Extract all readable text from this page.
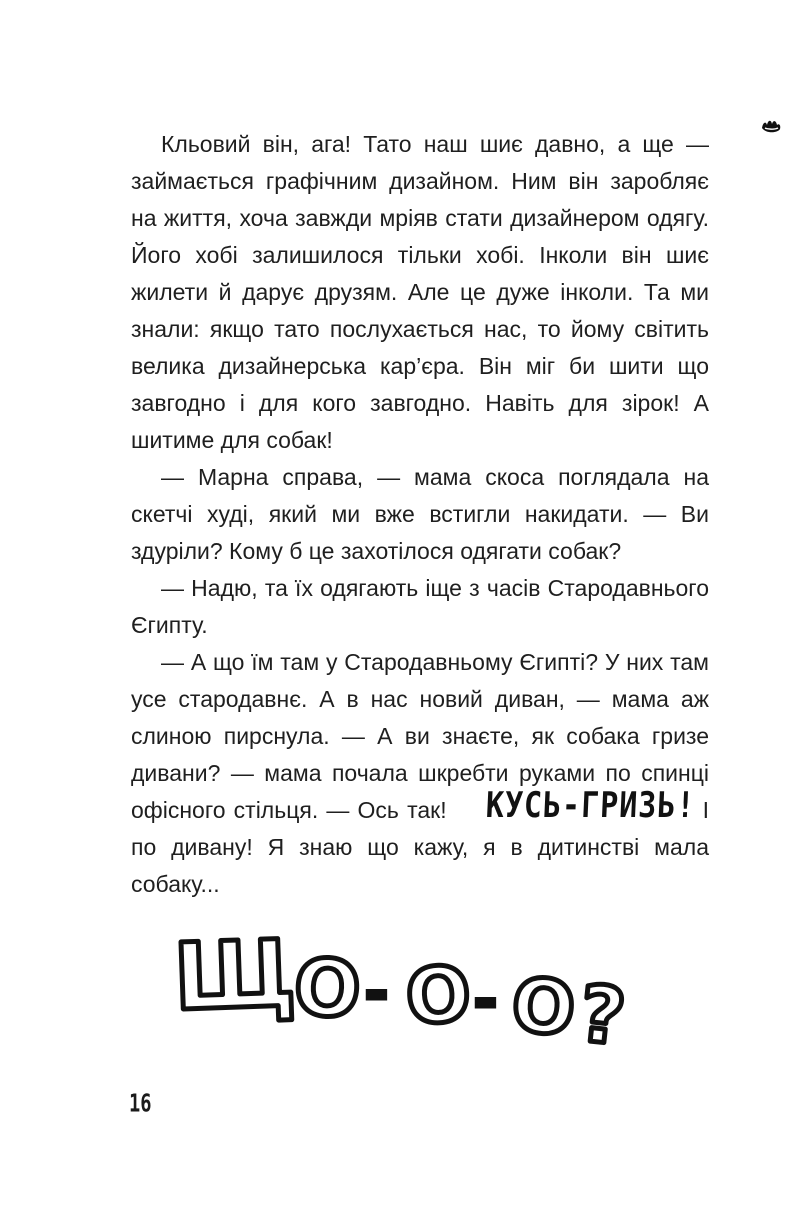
Кльовий він, ага! Тато наш шиє давно, а ще — займається графічним дизайном. Ним він заробляє на життя, хоча завжди мріяв стати дизайнером одягу. Його хобі залишилося тільки хобі. Інколи він шиє жилети й дарує друзям. Але це дуже інколи. Та ми знали: якщо тато послухається нас, то йому світить велика дизайнерська кар’єра. Він міг би шити що завгодно і для кого завгодно. Навіть для зірок! А шитиме для собак!

— Марна справа, — мама скоса поглядала на скетчі худі, який ми вже встигли накидати. — Ви здуріли? Кому б це захотілося одягати собак?

— Надю, та їх одягають іще з часів Стародавнього Єгипту.

— А що їм там у Стародавньому Єгипті? У них там усе стародавнє. А в нас новий диван, — мама аж слиною пирснула. — А ви знаєте, як собака гризе дивани? — мама почала шкребти руками по спинці офісного стільця. — Ось так! КУСЬ-ГРИЗЬ! І по дивану! Я знаю що кажу, я в дитинстві мала собаку...

Щ
О - О - О
?
16
